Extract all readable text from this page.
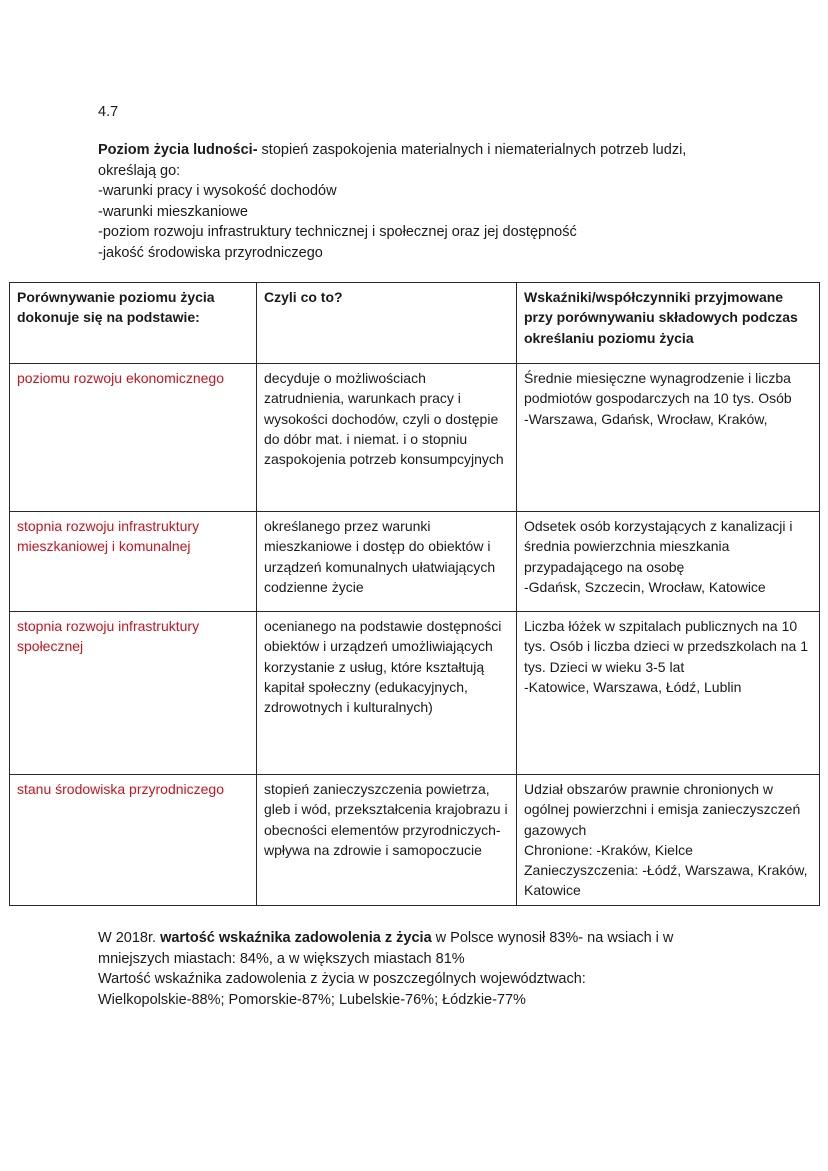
4.7
Poziom życia ludności- stopień zaspokojenia materialnych i niematerialnych potrzeb ludzi,
określają go:
-warunki pracy i wysokość dochodów
-warunki mieszkaniowe
-poziom rozwoju infrastruktury technicznej i społecznej oraz jej dostępność
-jakość środowiska przyrodniczego
Porównywanie poziomu życia dokonuje się na podstawie:	Czyli co to?	Wskaźniki/współczynniki przyjmowane przy porównywaniu składowych podczas określaniu poziomu życia
poziomu rozwoju ekonomicznego	decyduje o możliwościach zatrudnienia, warunkach pracy i wysokości dochodów, czyli o dostępie do dóbr mat. i niemat. i o stopniu zaspokojenia potrzeb konsumpcyjnych	Średnie miesięczne wynagrodzenie i liczba podmiotów gospodarczych na 10 tys. Osób
-Warszawa, Gdańsk, Wrocław, Kraków,

stopnia rozwoju infrastruktury mieszkaniowej i komunalnej	określanego przez warunki mieszkaniowe i dostęp do obiektów i urządzeń komunalnych ułatwiających codzienne życie	Odsetek osób korzystających z kanalizacji i średnia powierzchnia mieszkania przypadającego na osobę
-Gdańsk, Szczecin, Wrocław, Katowice

stopnia rozwoju infrastruktury społecznej	ocenianego na podstawie dostępności obiektów i urządzeń umożliwiających korzystanie z usług, które kształtują kapitał społeczny (edukacyjnych, zdrowotnych i kulturalnych)	Liczba łóżek w szpitalach publicznych na 10 tys. Osób i liczba dzieci w przedszkolach na 1 tys. Dzieci w wieku 3-5 lat
-Katowice, Warszawa, Łódź, Lublin

stanu środowiska przyrodniczego	stopień zanieczyszczenia powietrza, gleb i wód, przekształcenia krajobrazu i obecności elementów przyrodniczych-wpływa na zdrowie i samopoczucie	Udział obszarów prawnie chronionych w ogólnej powierzchni i emisja zanieczyszczeń gazowych
Chronione: -Kraków, Kielce
Zanieczyszczenia: -Łódź, Warszawa, Kraków, Katowice
W 2018r. wartość wskaźnika zadowolenia z życia w Polsce wynosił 83%- na wsiach i w
mniejszych miastach: 84%, a w większych miastach 81%
Wartość wskaźnika zadowolenia z życia w poszczególnych województwach:
Wielkopolskie-88%; Pomorskie-87%; Lubelskie-76%; Łódzkie-77%
